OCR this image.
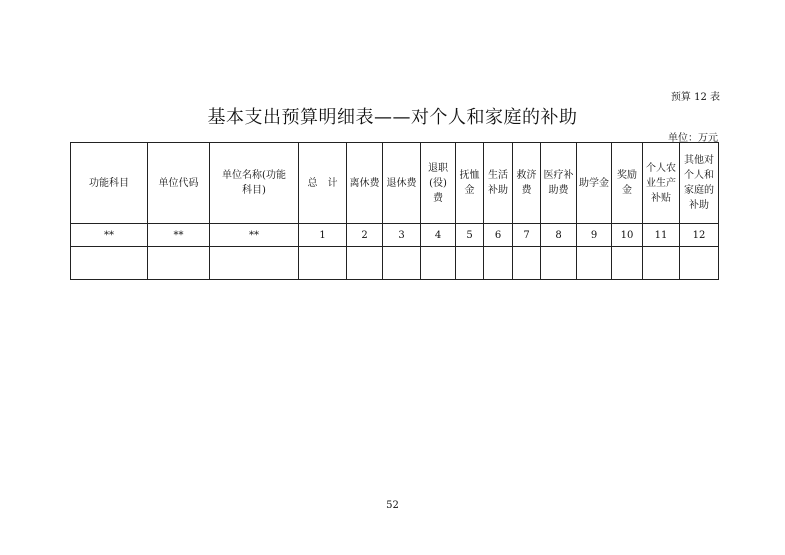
预算 12 表
基本支出预算明细表——对个人和家庭的补助
单位：万元
功能科目	单位代码	单位名称(功能科目)	总　计	离休费	退休费	退职(役)费	抚恤金	生活补助	救济费	医疗补助费	助学金	奖励金	个人农业生产补贴	其他对个人和家庭的补助
**	**	**	1	2	3	4	5	6	7	8	9	10	11	12

52
